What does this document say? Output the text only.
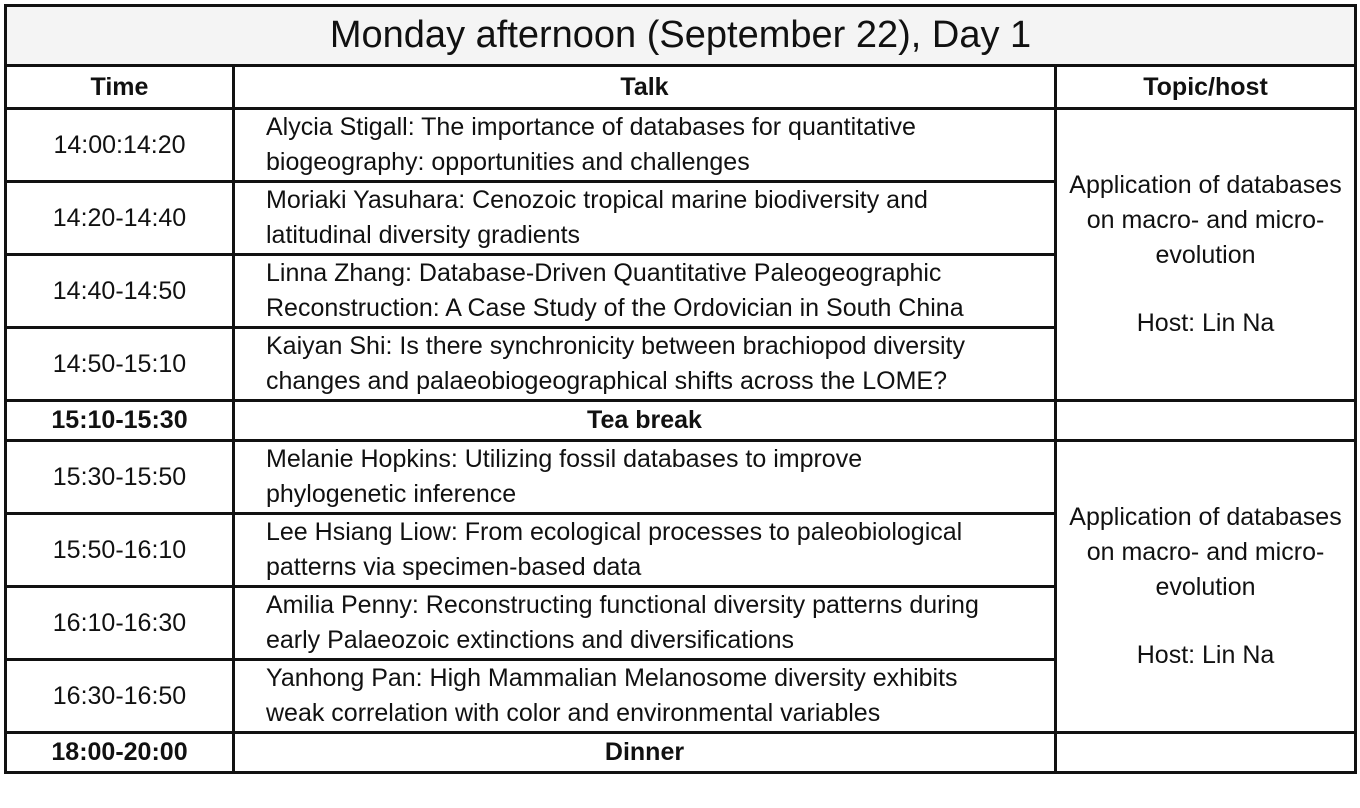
Monday afternoon (September 22), Day 1		
Time	Talk	Topic/host
14:00:14:20	Alycia Stigall: The importance of databases for quantitative
biogeography: opportunities and challenges	Application of databases
on macro- and micro-
evolution
Host: Lin Na

14:20-14:40	Moriaki Yasuhara: Cenozoic tropical marine biodiversity and
latitudinal diversity gradients	
14:40-14:50	Linna Zhang: Database-Driven Quantitative Paleogeographic
Reconstruction: A Case Study of the Ordovician in South China	
14:50-15:10	Kaiyan Shi: Is there synchronicity between brachiopod diversity
changes and palaeobiogeographical shifts across the LOME?	
15:10-15:30	Tea break	
15:30-15:50	Melanie Hopkins: Utilizing fossil databases to improve
phylogenetic inference	Application of databases
on macro- and micro-
evolution
Host: Lin Na

15:50-16:10	Lee Hsiang Liow: From ecological processes to paleobiological
patterns via specimen-based data	
16:10-16:30	Amilia Penny: Reconstructing functional diversity patterns during
early Palaeozoic extinctions and diversifications	
16:30-16:50	Yanhong Pan: High Mammalian Melanosome diversity exhibits
weak correlation with color and environmental variables	
18:00-20:00	Dinner	
